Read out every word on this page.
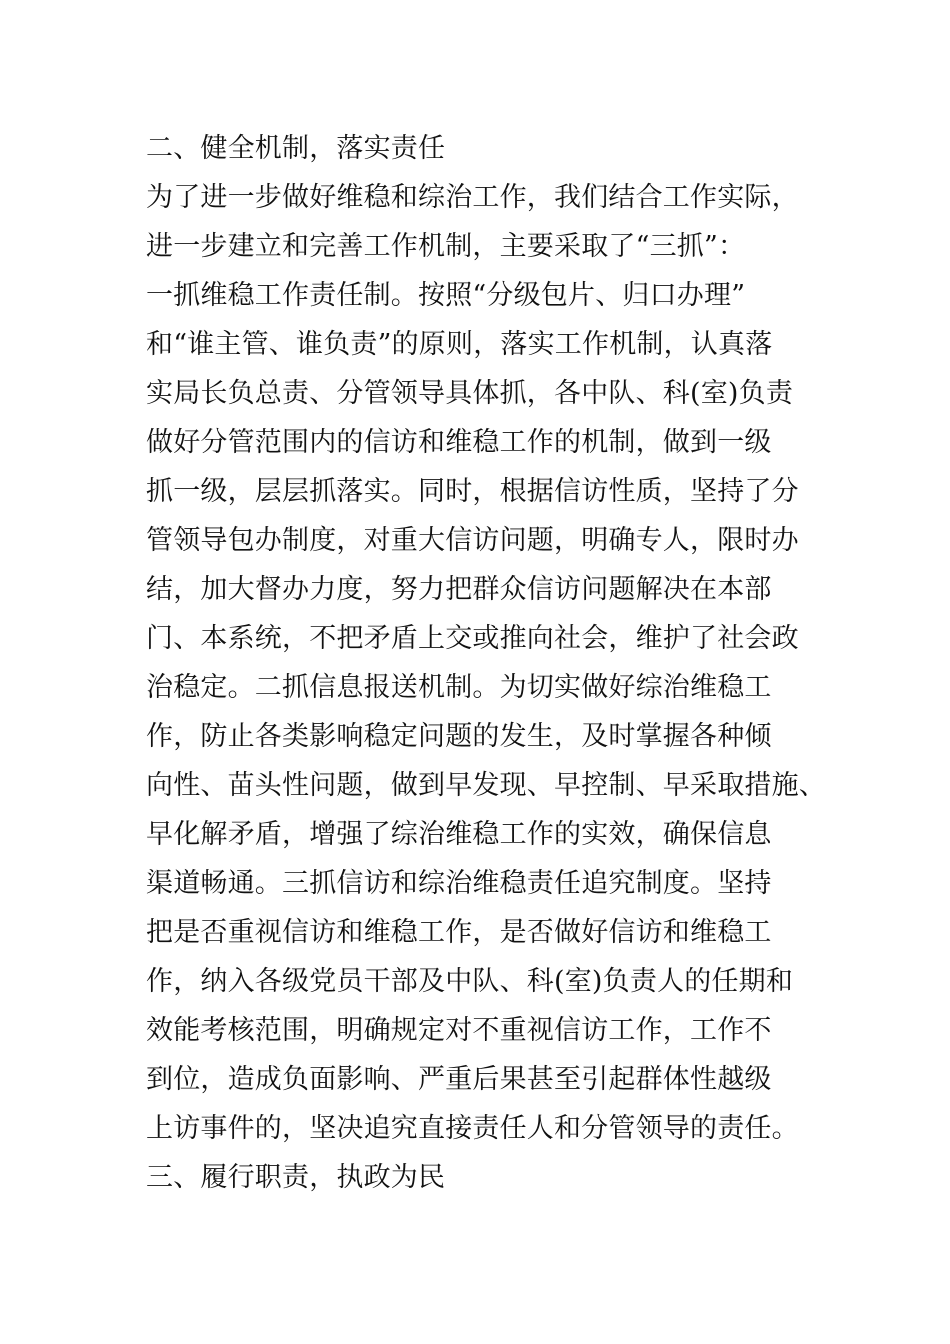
二、健全机制，落实责任
为了进一步做好维稳和综治工作，我们结合工作实际，
进一步建立和完善工作机制，主要采取了“三抓”：
一抓维稳工作责任制。按照“分级包片、归口办理”
和“谁主管、谁负责”的原则，落实工作机制，认真落
实局长负总责、分管领导具体抓，各中队、科(室)负责
做好分管范围内的信访和维稳工作的机制，做到一级
抓一级，层层抓落实。同时，根据信访性质，坚持了分
管领导包办制度，对重大信访问题，明确专人，限时办
结，加大督办力度，努力把群众信访问题解决在本部
门、本系统，不把矛盾上交或推向社会，维护了社会政
治稳定。二抓信息报送机制。为切实做好综治维稳工
作，防止各类影响稳定问题的发生，及时掌握各种倾
向性、苗头性问题，做到早发现、早控制、早采取措施、
早化解矛盾，增强了综治维稳工作的实效，确保信息
渠道畅通。三抓信访和综治维稳责任追究制度。坚持
把是否重视信访和维稳工作，是否做好信访和维稳工
作，纳入各级党员干部及中队、科(室)负责人的任期和
效能考核范围，明确规定对不重视信访工作，工作不
到位，造成负面影响、严重后果甚至引起群体性越级
上访事件的，坚决追究直接责任人和分管领导的责任。
三、履行职责，执政为民
